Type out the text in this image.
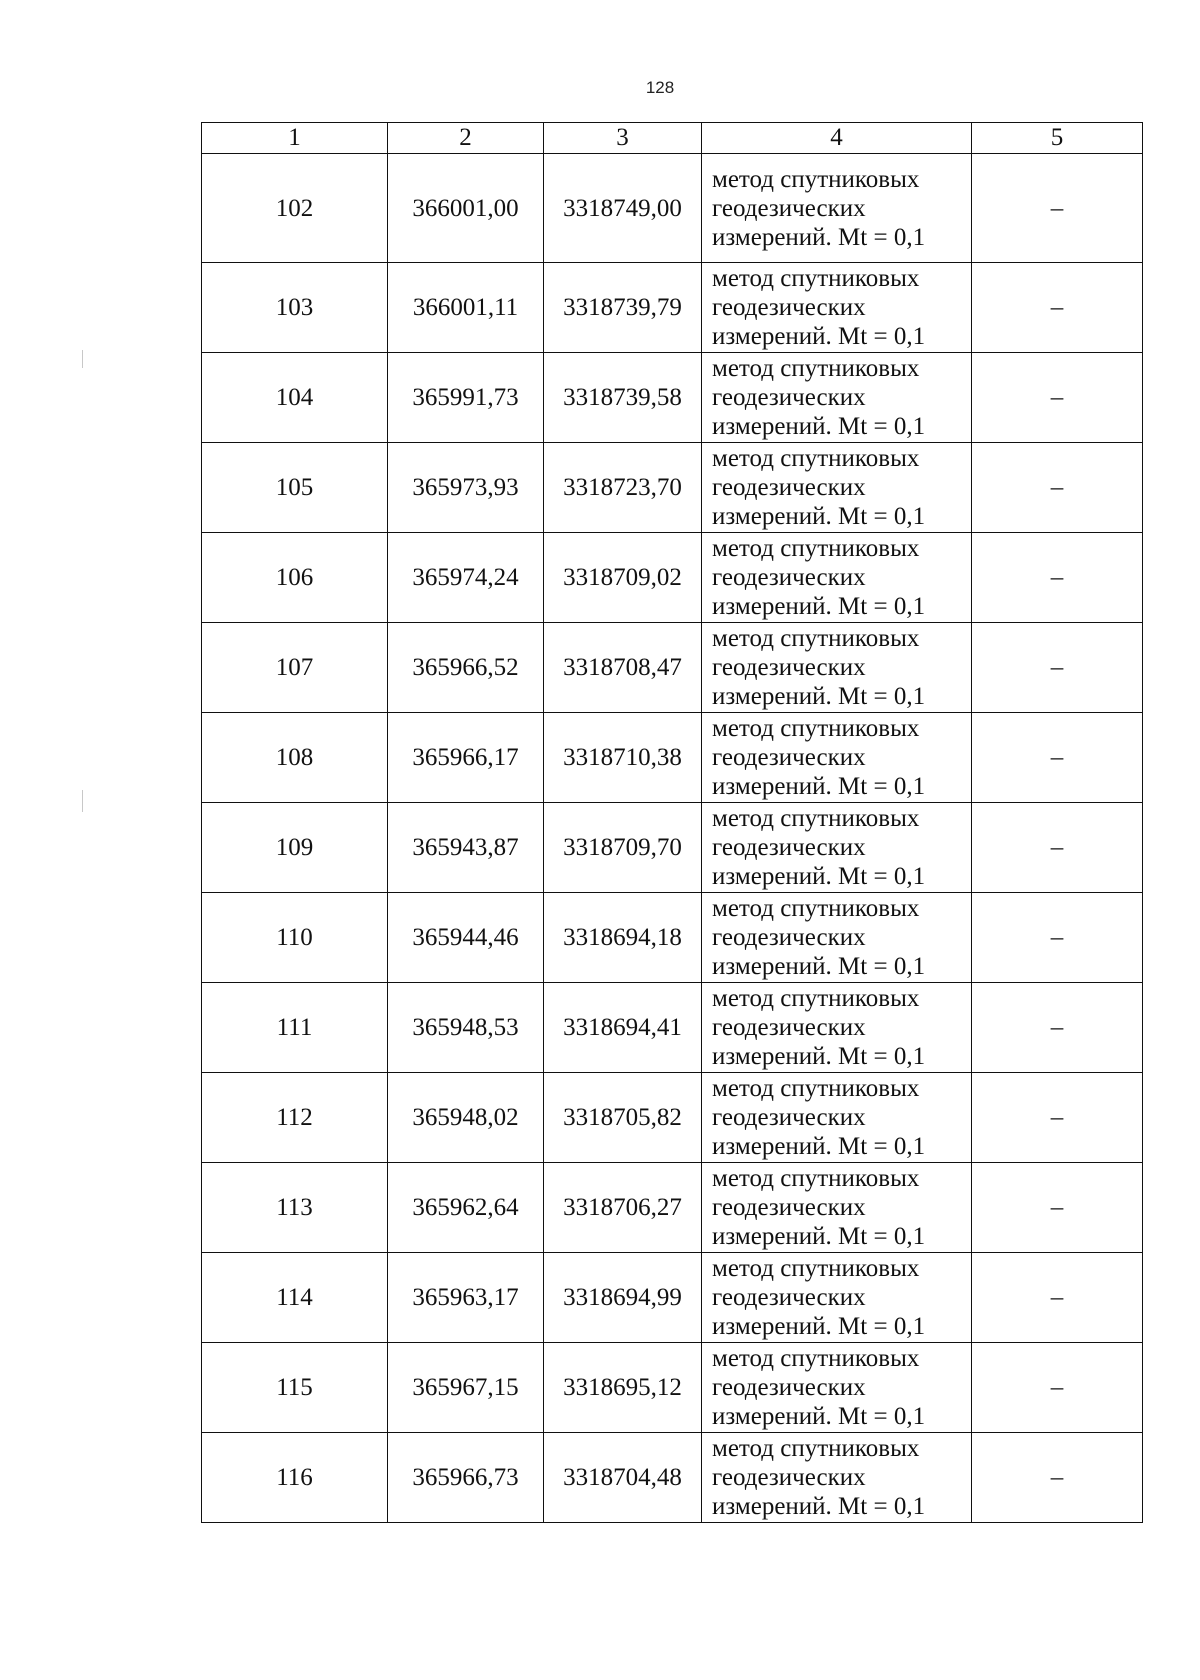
128
1	2	3	4	5
102	366001,00	3318749,00	метод спутниковых
геодезических
измерений. Mt = 0,1	–
103	366001,11	3318739,79	метод спутниковых
геодезических
измерений. Mt = 0,1	–
104	365991,73	3318739,58	метод спутниковых
геодезических
измерений. Mt = 0,1	–
105	365973,93	3318723,70	метод спутниковых
геодезических
измерений. Mt = 0,1	–
106	365974,24	3318709,02	метод спутниковых
геодезических
измерений. Mt = 0,1	–
107	365966,52	3318708,47	метод спутниковых
геодезических
измерений. Mt = 0,1	–
108	365966,17	3318710,38	метод спутниковых
геодезических
измерений. Mt = 0,1	–
109	365943,87	3318709,70	метод спутниковых
геодезических
измерений. Mt = 0,1	–
110	365944,46	3318694,18	метод спутниковых
геодезических
измерений. Mt = 0,1	–
111	365948,53	3318694,41	метод спутниковых
геодезических
измерений. Mt = 0,1	–
112	365948,02	3318705,82	метод спутниковых
геодезических
измерений. Mt = 0,1	–
113	365962,64	3318706,27	метод спутниковых
геодезических
измерений. Mt = 0,1	–
114	365963,17	3318694,99	метод спутниковых
геодезических
измерений. Mt = 0,1	–
115	365967,15	3318695,12	метод спутниковых
геодезических
измерений. Mt = 0,1	–
116	365966,73	3318704,48	метод спутниковых
геодезических
измерений. Mt = 0,1	–
